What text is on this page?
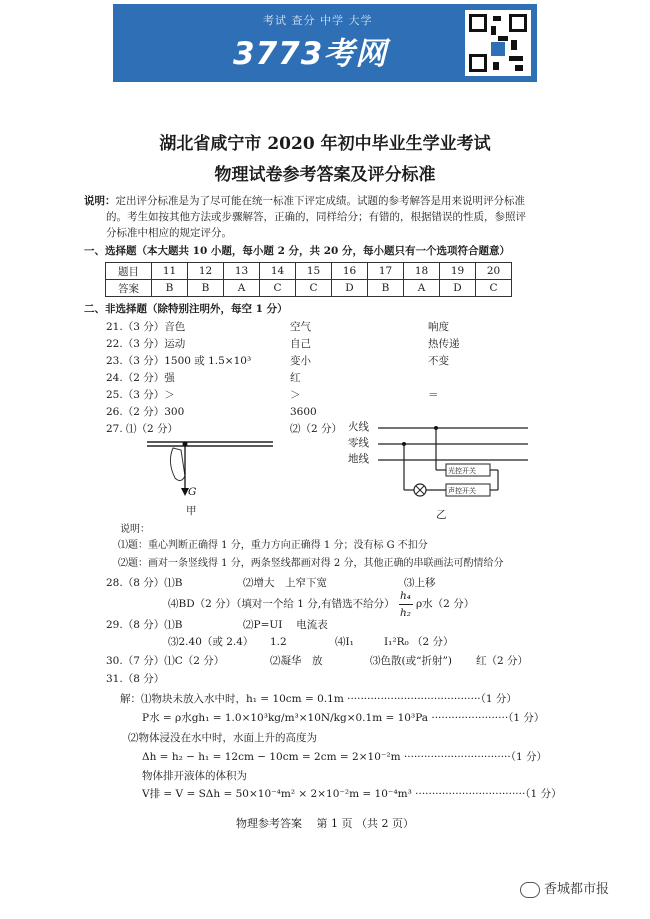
考试 查分 中学 大学
3773考网
湖北省咸宁市 2020 年初中毕业生学业考试
物理试卷参考答案及评分标准
说明：定出评分标准是为了尽可能在统一标准下评定成绩。试题的参考解答是用来说明评分标准
的。考生如按其他方法或步骤解答，正确的，同样给分；有错的，根据错误的性质，参照评
分标准中相应的规定评分。
一、选择题（本大题共 10 小题，每小题 2 分，共 20 分，每小题只有一个选项符合题意）
题目	11	12	13	14	15	16	17	18	19	20
答案	B	B	A	C	C	D	B	A	D	C
二、非选择题（除特别注明外，每空 1 分）
21.（3 分）音色	空气	响度
22.（3 分）运动	自己	热传递
23.（3 分）1500 或 1.5×10³	变小	不变
24.（2 分）强	红
25.（3 分）＞	＞	＝
26.（2 分）300	3600
27. ⑴（2 分）	⑵（2 分）
G
甲
火线
零线
地线
光控开关
声控开关
乙
说明：
⑴题：重心判断正确得 1 分，重力方向正确得 1 分；没有标 G 不扣分
⑵题：画对一条竖线得 1 分，两条竖线都画对得 2 分，其他正确的串联画法可酌情给分
28.（8 分）⑴B	⑵增大　上窄下宽	⑶上移
⑷BD（2 分）（填对一个给 1 分,有错选不给分）
h₄
h₂
ρ水（2 分）
29.（8 分）⑴B	⑵P=UI　 电流表
⑶2.40（或 2.4） 1.2	⑷I₁	I₁²R₀ （2 分）
30.（7 分）⑴C（2 分）	⑵凝华　放	⑶色散(或“折射”) 红（2 分）
31.（8 分）
解：⑴物块未放入水中时，h₁ = 10cm = 0.1m ········································（1 分）
P水 = ρ水gh₁ = 1.0×10³kg/m³×10N/kg×0.1m = 10³Pa ·······················（1 分）
⑵物体浸没在水中时，水面上升的高度为
Δh = h₂ − h₁ = 12cm − 10cm = 2cm = 2×10⁻²m ································（1 分）
物体排开液体的体积为
V排 = V = SΔh = 50×10⁻⁴m² × 2×10⁻²m = 10⁻⁴m³ ·································（1 分）
物理参考答案　 第 1 页 （共 2 页）
香城都市报
